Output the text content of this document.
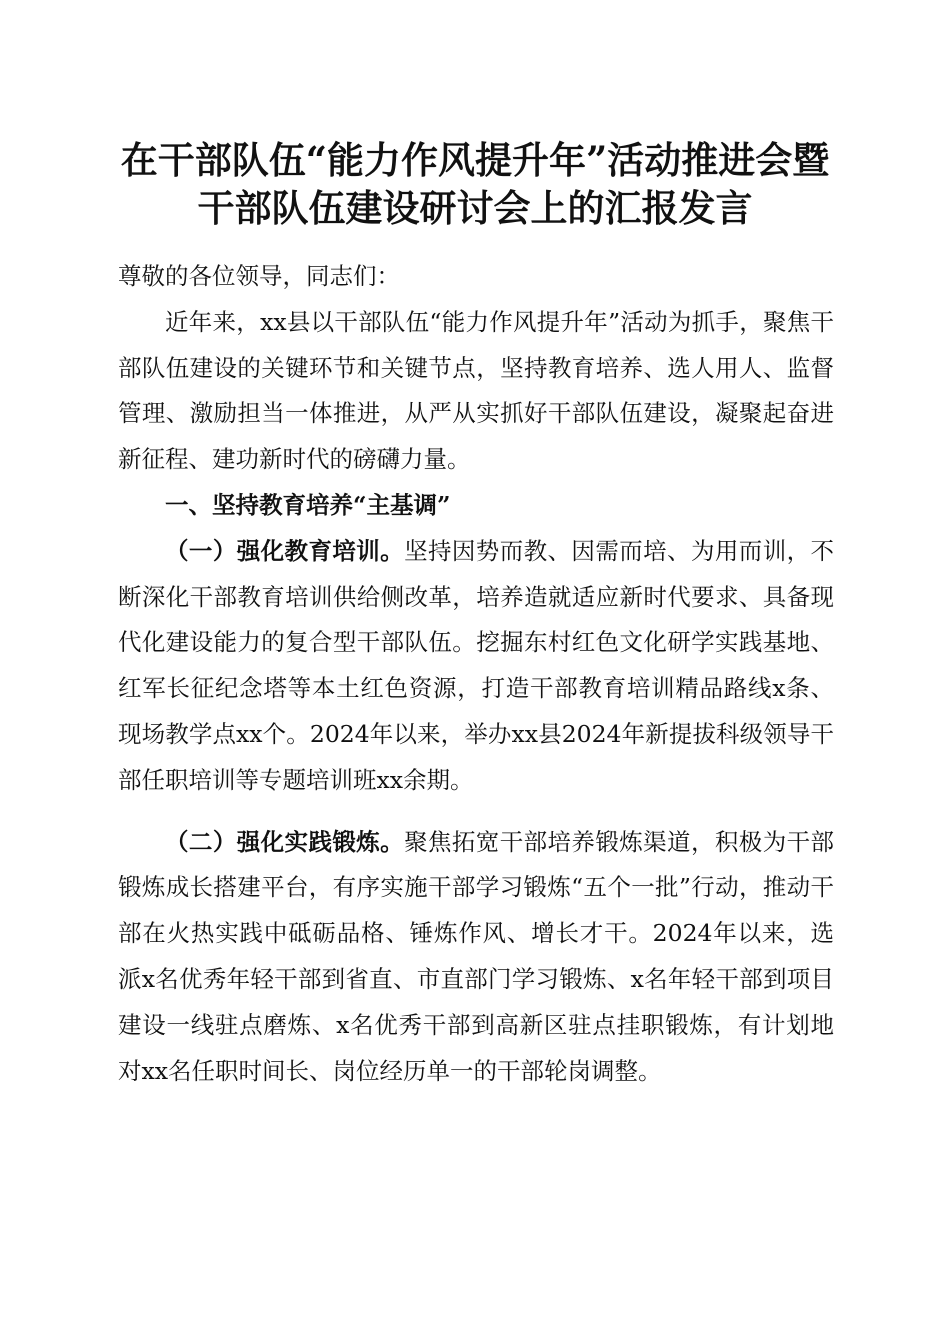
在干部队伍“能力作风提升年”活动推进会暨
干部队伍建设研讨会上的汇报发言

尊敬的各位领导，同志们：

近年来，xx县以干部队伍“能力作风提升年”活动为抓手，聚焦干部队伍建设的关键环节和关键节点，坚持教育培养、选人用人、监督管理、激励担当一体推进，从严从实抓好干部队伍建设，凝聚起奋进新征程、建功新时代的磅礴力量。

一、坚持教育培养“主基调”

（一）强化教育培训。坚持因势而教、因需而培、为用而训，不断深化干部教育培训供给侧改革，培养造就适应新时代要求、具备现代化建设能力的复合型干部队伍。挖掘东村红色文化研学实践基地、红军长征纪念塔等本土红色资源，打造干部教育培训精品路线x条、现场教学点xx个。2024年以来，举办xx县2024年新提拔科级领导干部任职培训等专题培训班xx余期。

（二）强化实践锻炼。聚焦拓宽干部培养锻炼渠道，积极为干部锻炼成长搭建平台，有序实施干部学习锻炼“五个一批”行动，推动干部在火热实践中砥砺品格、锤炼作风、增长才干。2024年以来，选派x名优秀年轻干部到省直、市直部门学习锻炼、x名年轻干部到项目建设一线驻点磨炼、x名优秀干部到高新区驻点挂职锻炼，有计划地对xx名任职时间长、岗位经历单一的干部轮岗调整。
